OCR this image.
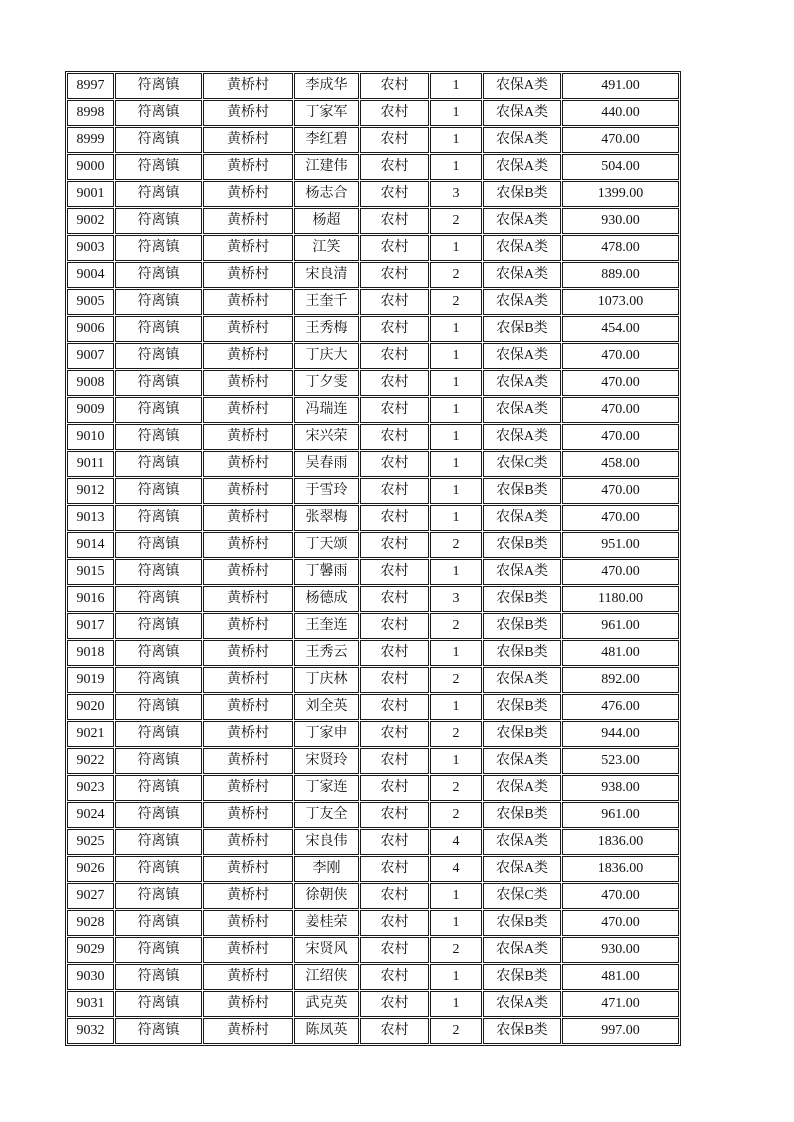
8997	符离镇	黄桥村	李成华	农村	1	农保A类	491.00
8998	符离镇	黄桥村	丁家军	农村	1	农保A类	440.00
8999	符离镇	黄桥村	李红碧	农村	1	农保A类	470.00
9000	符离镇	黄桥村	江建伟	农村	1	农保A类	504.00
9001	符离镇	黄桥村	杨志合	农村	3	农保B类	1399.00
9002	符离镇	黄桥村	杨超	农村	2	农保A类	930.00
9003	符离镇	黄桥村	江笑	农村	1	农保A类	478.00
9004	符离镇	黄桥村	宋良清	农村	2	农保A类	889.00
9005	符离镇	黄桥村	王奎千	农村	2	农保A类	1073.00
9006	符离镇	黄桥村	王秀梅	农村	1	农保B类	454.00
9007	符离镇	黄桥村	丁庆大	农村	1	农保A类	470.00
9008	符离镇	黄桥村	丁夕雯	农村	1	农保A类	470.00
9009	符离镇	黄桥村	冯瑞连	农村	1	农保A类	470.00
9010	符离镇	黄桥村	宋兴荣	农村	1	农保A类	470.00
9011	符离镇	黄桥村	吴春雨	农村	1	农保C类	458.00
9012	符离镇	黄桥村	于雪玲	农村	1	农保B类	470.00
9013	符离镇	黄桥村	张翠梅	农村	1	农保A类	470.00
9014	符离镇	黄桥村	丁天颂	农村	2	农保B类	951.00
9015	符离镇	黄桥村	丁馨雨	农村	1	农保A类	470.00
9016	符离镇	黄桥村	杨德成	农村	3	农保B类	1180.00
9017	符离镇	黄桥村	王奎连	农村	2	农保B类	961.00
9018	符离镇	黄桥村	王秀云	农村	1	农保B类	481.00
9019	符离镇	黄桥村	丁庆林	农村	2	农保A类	892.00
9020	符离镇	黄桥村	刘全英	农村	1	农保B类	476.00
9021	符离镇	黄桥村	丁家申	农村	2	农保B类	944.00
9022	符离镇	黄桥村	宋贤玲	农村	1	农保A类	523.00
9023	符离镇	黄桥村	丁家连	农村	2	农保A类	938.00
9024	符离镇	黄桥村	丁友全	农村	2	农保B类	961.00
9025	符离镇	黄桥村	宋良伟	农村	4	农保A类	1836.00
9026	符离镇	黄桥村	李刚	农村	4	农保A类	1836.00
9027	符离镇	黄桥村	徐朝侠	农村	1	农保C类	470.00
9028	符离镇	黄桥村	姜桂荣	农村	1	农保B类	470.00
9029	符离镇	黄桥村	宋贤风	农村	2	农保A类	930.00
9030	符离镇	黄桥村	江绍侠	农村	1	农保B类	481.00
9031	符离镇	黄桥村	武克英	农村	1	农保A类	471.00
9032	符离镇	黄桥村	陈凤英	农村	2	农保B类	997.00
